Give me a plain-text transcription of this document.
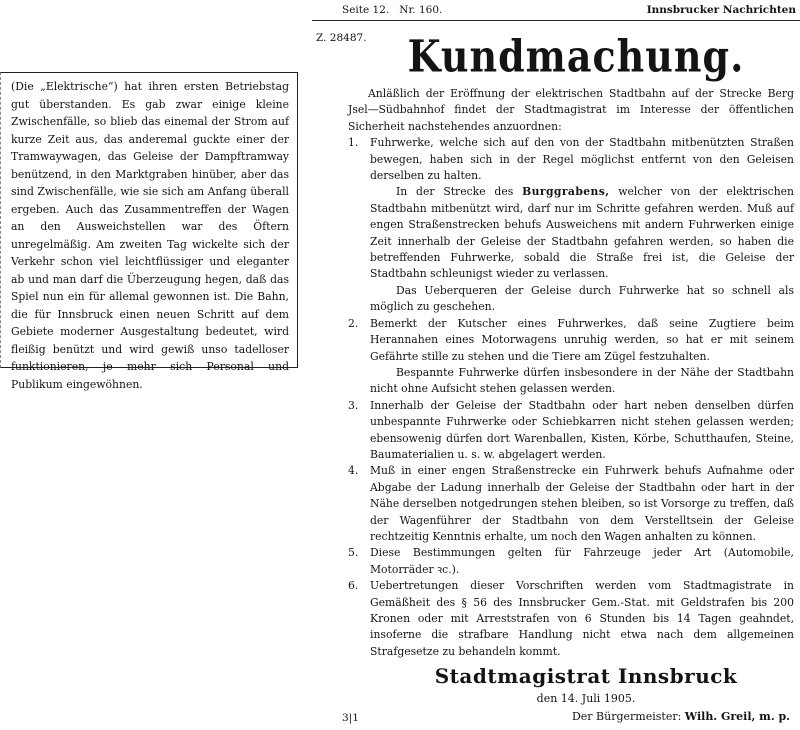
Seite 12. Nr. 160.	Innsbrucker Nachrichten

(Die „Elektrische“) hat ihren ersten Betriebstag gut überstanden. Es gab zwar einige kleine Zwischenfälle, so blieb das einemal der Strom auf kurze Zeit aus, das anderemal guckte einer der Tramwaywagen, das Geleise der Dampftramway benützend, in den Marktgraben hinüber, aber das sind Zwischenfälle, wie sie sich am Anfang überall ergeben. Auch das Zusammentreffen der Wagen an den Ausweichstellen war des Öftern unregelmäßig. Am zweiten Tag wickelte sich der Verkehr schon viel leichtflüssiger und eleganter ab und man darf die Überzeugung hegen, daß das Spiel nun ein für allemal gewonnen ist. Die Bahn, die für Innsbruck einen neuen Schritt auf dem Gebiete moderner Ausgestaltung bedeutet, wird fleißig benützt und wird gewiß unso tadelloser funktionieren, je mehr sich Personal und Publikum eingewöhnen.

Z. 28487.	Kundmachung.

Anläßlich der Eröffnung der elektrischen Stadtbahn auf der Strecke Berg Jsel—Südbahnhof findet der Stadtmagistrat im Interesse der öffentlichen Sicherheit nachstehendes anzuordnen:

1.	Fuhrwerke, welche sich auf den von der Stadtbahn mitbenützten Straßen bewegen, haben sich in der Regel möglichst entfernt von den Geleisen derselben zu halten.

In der Strecke des Burggrabens, welcher von der elektrischen Stadtbahn mitbenützt wird, darf nur im Schritte gefahren werden. Muß auf engen Straßenstrecken behufs Ausweichens mit andern Fuhrwerken einige Zeit innerhalb der Geleise der Stadtbahn gefahren werden, so haben die betreffenden Fuhrwerke, sobald die Straße frei ist, die Geleise der Stadtbahn schleunigst wieder zu verlassen.

Das Ueberqueren der Geleise durch Fuhrwerke hat so schnell als möglich zu geschehen.

2.	Bemerkt der Kutscher eines Fuhrwerkes, daß seine Zugtiere beim Herannahen eines Motorwagens unruhig werden, so hat er mit seinem Gefährte stille zu stehen und die Tiere am Zügel festzuhalten.

Bespannte Fuhrwerke dürfen insbesondere in der Nähe der Stadtbahn nicht ohne Aufsicht stehen gelassen werden.

3.	Innerhalb der Geleise der Stadtbahn oder hart neben denselben dürfen unbespannte Fuhrwerke oder Schiebkarren nicht stehen gelassen werden; ebensowenig dürfen dort Warenballen, Kisten, Körbe, Schutthaufen, Steine, Baumaterialien u. s. w. abgelagert werden.
4.	Muß in einer engen Straßenstrecke ein Fuhrwerk behufs Aufnahme oder Abgabe der Ladung innerhalb der Geleise der Stadtbahn oder hart in der Nähe derselben notgedrungen stehen bleiben, so ist Vorsorge zu treffen, daß der Wagenführer der Stadtbahn von dem Verstelltsein der Geleise rechtzeitig Kenntnis erhalte, um noch den Wagen anhalten zu können.
5.	Diese Bestimmungen gelten für Fahrzeuge jeder Art (Automobile, Motorräder ꝛc.).
6.	Uebertretungen dieser Vorschriften werden vom Stadtmagistrate in Gemäßheit des § 56 des Innsbrucker Gem.-Stat. mit Geldstrafen bis 200 Kronen oder mit Arreststrafen von 6 Stunden bis 14 Tagen geahndet, insoferne die strafbare Handlung nicht etwa nach dem allgemeinen Strafgesetze zu behandeln kommt.
Stadtmagistrat Innsbruck
den 14. Juli 1905.
3|1	Der Bürgermeister: Wilh. Greil, m. p.
